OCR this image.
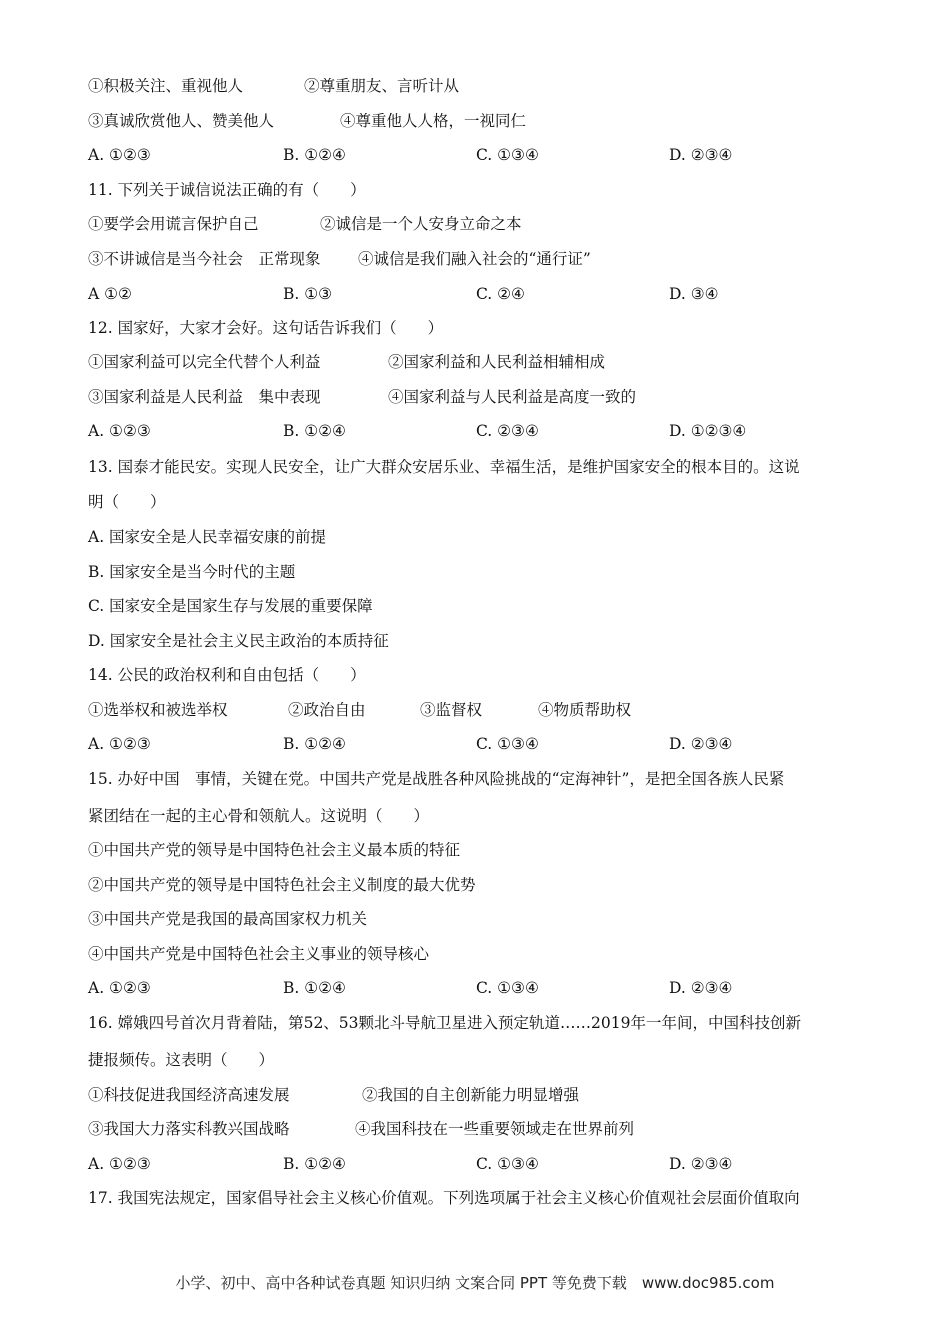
①积极关注、重视他人	②尊重朋友、言听计从
③真诚欣赏他人、赞美他人	④尊重他人人格，一视同仁
A. ①②③	B. ①②④	C. ①③④	D. ②③④
11. 下列关于诚信说法正确的有（　　）
①要学会用谎言保护自己	②诚信是一个人安身立命之本
③不讲诚信是当今社会　正常现象 ④诚信是我们融入社会的“通行证”
A ①②	B. ①③	C. ②④	D. ③④
12. 国家好，大家才会好。这句话告诉我们（　　）
①国家利益可以完全代替个人利益	②国家利益和人民利益相辅相成
③国家利益是人民利益　集中表现	④国家利益与人民利益是高度一致的
A. ①②③	B. ①②④	C. ②③④	D. ①②③④
13. 国泰才能民安。实现人民安全，让广大群众安居乐业、幸福生活，是维护国家安全的根本目的。这说
明（　　）
A. 国家安全是人民幸福安康的前提
B. 国家安全是当今时代的主题
C. 国家安全是国家生存与发展的重要保障
D. 国家安全是社会主义民主政治的本质持征
14. 公民的政治权利和自由包括（　　）
①选举权和被选举权	②政治自由	③监督权	④物质帮助权
A. ①②③	B. ①②④	C. ①③④	D. ②③④
15. 办好中国　事情，关键在党。中国共产党是战胜各种风险挑战的“定海神针”，是把全国各族人民紧
紧团结在一起的主心骨和领航人。这说明（　　）
①中国共产党的领导是中国特色社会主义最本质的特征
②中国共产党的领导是中国特色社会主义制度的最大优势
③中国共产党是我国的最高国家权力机关
④中国共产党是中国特色社会主义事业的领导核心
A. ①②③	B. ①②④	C. ①③④	D. ②③④
16. 嫦娥四号首次月背着陆，第52、53颗北斗导航卫星进入预定轨道……2019年一年间，中国科技创新
捷报频传。这表明（　　）
①科技促进我国经济高速发展	②我国的自主创新能力明显增强
③我国大力落实科教兴国战略	④我国科技在一些重要领域走在世界前列
A. ①②③	B. ①②④	C. ①③④	D. ②③④
17. 我国宪法规定，国家倡导社会主义核心价值观。下列选项属于社会主义核心价值观社会层面价值取向
小学、初中、高中各种试卷真题 知识归纳 文案合同 PPT 等免费下载　www.doc985.com
